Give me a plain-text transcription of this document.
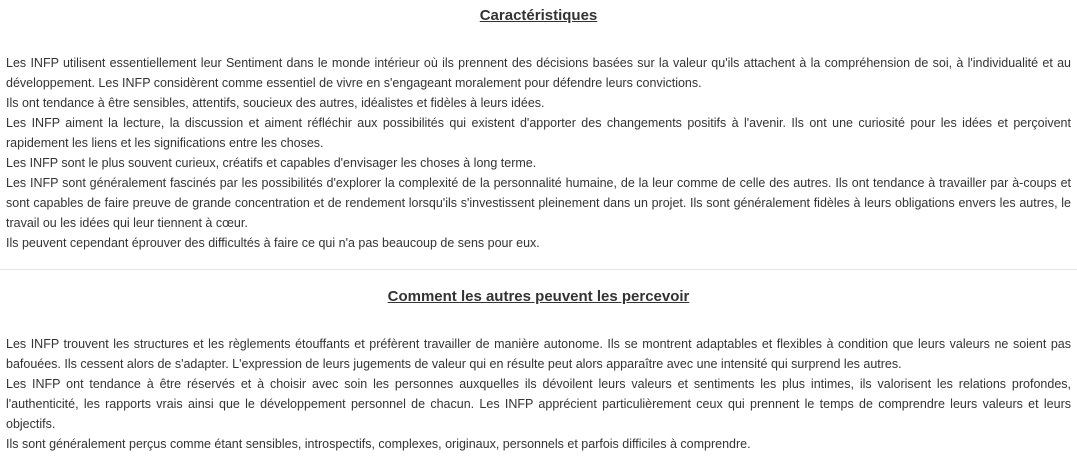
Caractéristiques

Les INFP utilisent essentiellement leur Sentiment dans le monde intérieur où ils prennent des décisions basées sur la valeur qu'ils attachent à la compréhension de soi, à l'individualité et au développement. Les INFP considèrent comme essentiel de vivre en s'engageant moralement pour défendre leurs convictions.

Ils ont tendance à être sensibles, attentifs, soucieux des autres, idéalistes et fidèles à leurs idées.

Les INFP aiment la lecture, la discussion et aiment réfléchir aux possibilités qui existent d'apporter des changements positifs à l'avenir. Ils ont une curiosité pour les idées et perçoivent rapidement les liens et les significations entre les choses.

Les INFP sont le plus souvent curieux, créatifs et capables d'envisager les choses à long terme.

Les INFP sont généralement fascinés par les possibilités d'explorer la complexité de la personnalité humaine, de la leur comme de celle des autres. Ils ont tendance à travailler par à-coups et sont capables de faire preuve de grande concentration et de rendement lorsqu'ils s'investissent pleinement dans un projet. Ils sont généralement fidèles à leurs obligations envers les autres, le travail ou les idées qui leur tiennent à cœur.

Ils peuvent cependant éprouver des difficultés à faire ce qui n'a pas beaucoup de sens pour eux.

Comment les autres peuvent les percevoir

Les INFP trouvent les structures et les règlements étouffants et préfèrent travailler de manière autonome. Ils se montrent adaptables et flexibles à condition que leurs valeurs ne soient pas bafouées. Ils cessent alors de s'adapter. L'expression de leurs jugements de valeur qui en résulte peut alors apparaître avec une intensité qui surprend les autres.

Les INFP ont tendance à être réservés et à choisir avec soin les personnes auxquelles ils dévoilent leurs valeurs et sentiments les plus intimes, ils valorisent les relations profondes, l'authenticité, les rapports vrais ainsi que le développement personnel de chacun. Les INFP apprécient particulièrement ceux qui prennent le temps de comprendre leurs valeurs et leurs objectifs.

Ils sont généralement perçus comme étant sensibles, introspectifs, complexes, originaux, personnels et parfois difficiles à comprendre.
